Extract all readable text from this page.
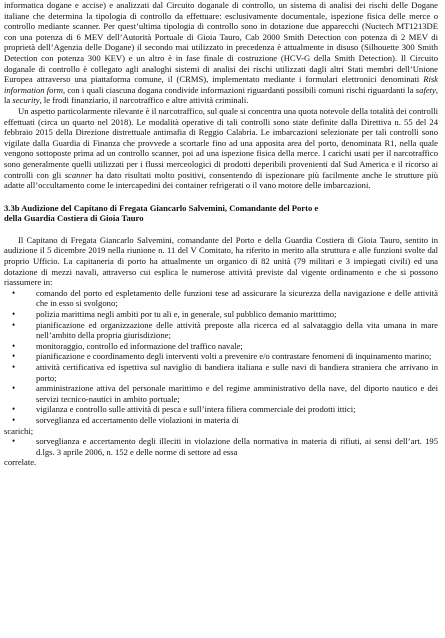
informatica dogane e accise) e analizzati dal Circuito doganale di controllo, un sistema di analisi dei rischi delle Dogane italiane che determina la tipologia di controllo da effettuare: esclusivamente documentale, ispezione fisica delle merce o controllo mediante scanner. Per quest’ultima tipologia di controllo sono in dotazione due apparecchi (Nuctech MT1213DE con una potenza di 6 MEV dell’Autorità Portuale di Gioia Tauro, Cab 2000 Smith Detection con potenza di 2 MEV di proprietà dell’Agenzia delle Dogane) il secondo mai utilizzato in precedenza è attualmente in disuso (Silhouette 300 Smith Detection con potenza 300 KEV) e un altro è in fase finale di costruzione (HCV-G della Smith Detection). Il Circuito doganale di controllo è collegato agli analoghi sistemi di analisi dei rischi utilizzati dagli altri Stati membri dell’Unione Europea attraverso una piattaforma comune, il (CRMS), implementato mediante i formulari elettronici denominati Risk information form, con i quali ciascuna dogana condivide informazioni riguardanti possibili comuni rischi riguardanti la safety, la security, le frodi finanziario, il narcotraffico e altre attività criminali.

Un aspetto particolarmente rilevante è il narcotraffico, sul quale si concentra una quota notevole della totalità dei controlli effettuati (circa un quarto nel 2018). Le modalità operative di tali controlli sono state definite dalla Direttiva n. 55 del 24 febbraio 2015 della Direzione distrettuale antimafia di Reggio Calabria. Le imbarcazioni selezionate per tali controlli sono vigilate dalla Guardia di Finanza che provvede a scortarle fino ad una apposita area del porto, denominata R1, nella quale vengono sottoposte prima ad un controllo scanner, poi ad una ispezione fisica della merce. I carichi usati per il narcotraffico sono generalmente quelli utilizzati per i flussi merceologici di prodotti deperibili provenienti dal Sud America e il ricorso ai controlli con gli scanner ha dato risultati molto positivi, consentendo di ispezionare più facilmente anche le strutture più adatte all’occultamento come le intercapedini dei container refrigerati o il vano motore delle imbarcazioni.

3.3b Audizione del Capitano di Fregata Giancarlo Salvemini, Comandante del Porto e
della Guardia Costiera di Gioia Tauro

Il Capitano di Fregata Giancarlo Salvemini, comandante del Porto e della Guardia Costiera di Gioia Tauro, sentito in audizione il 5 dicembre 2019 nella riunione n. 11 del V Comitato, ha riferito in merito alla struttura e alle funzioni svolte dal proprio Ufficio. La capitaneria di porto ha attualmente un organico di 82 unità (79 militari e 3 impiegati civili) ed una dotazione di mezzi navali, attraverso cui esplica le numerose attività previste dal vigente ordinamento e che si possono riassumere in:

• comando del porto ed espletamento delle funzioni tese ad assicurare la sicurezza della navigazione e delle attività che in esso si svolgono;
• polizia marittima negli ambiti por tu ali e, in generale, sul pubblico demanio marittimo;
• pianificazione ed organizzazione delle attività preposte alla ricerca ed al salvataggio della vita umana in mare nell’ambito della propria giurisdizione;
• monitoraggio, controllo ed informazione del traffico navale;
• pianificazione e coordinamento degli interventi volti a prevenire e/o contrastare fenomeni di inquinamento marino;
• attività certificativa ed ispettiva sul naviglio di bandiera italiana e sulle navi di bandiera straniera che arrivano in porto;
• amministrazione attiva del personale marittimo e del regime amministrativo della nave, del diporto nautico e dei servizi tecnico-nautici in ambito portuale;
• vigilanza e controllo sulle attività di pesca e sull’intera filiera commerciale dei prodotti ittici;
• sorveglianza ed accertamento delle violazioni in materia di
scarichi;
• sorveglianza e accertamento degli illeciti in violazione della normativa in materia di rifiuti, ai sensi dell’art. 195 d.lgs. 3 aprile 2006, n. 152 e delle norme di settore ad essa
correlate.
